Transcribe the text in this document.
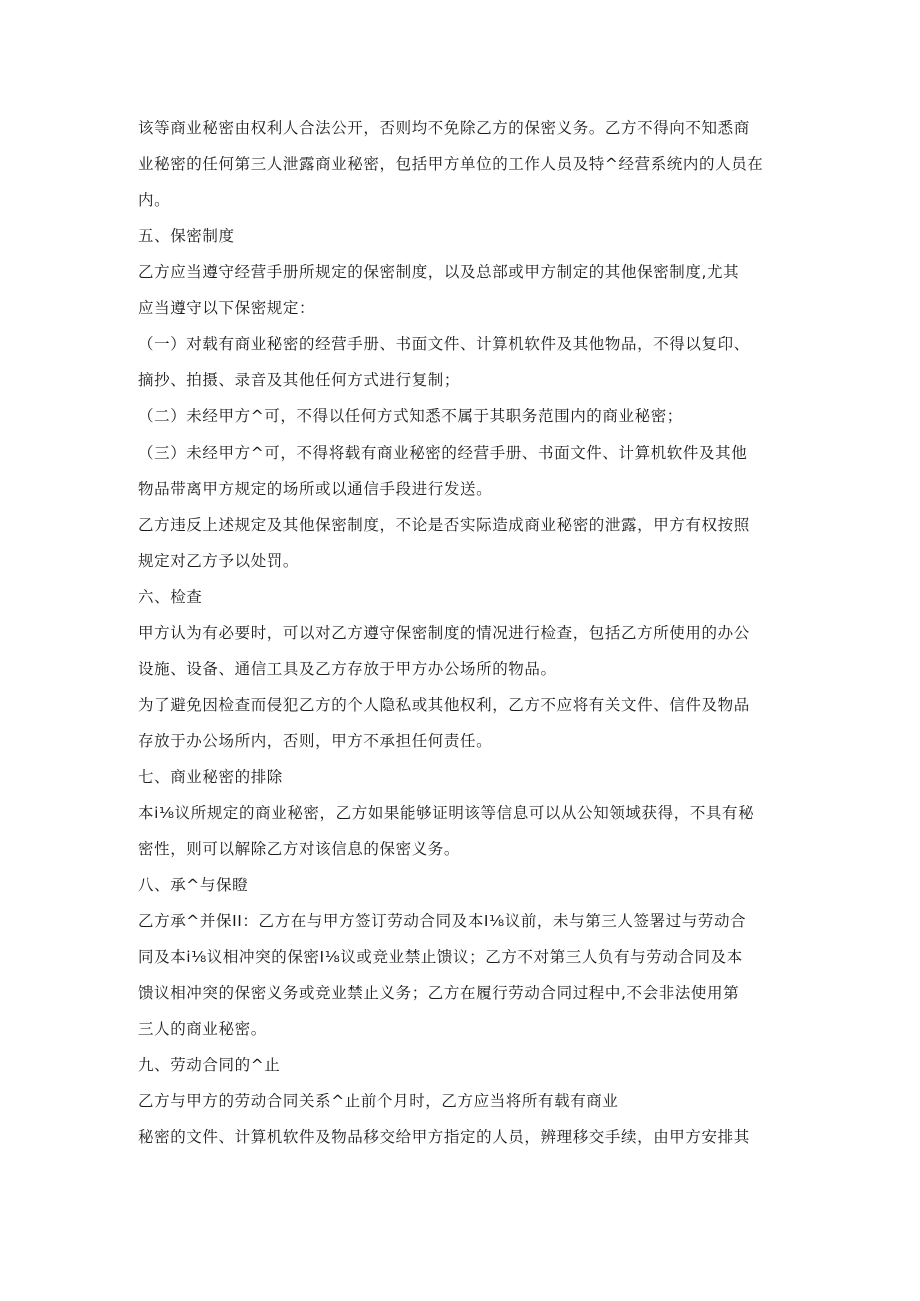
该等商业秘密由权利人合法公开，否则均不免除乙方的保密义务。乙方不得向不知悉商
业秘密的任何第三人泄露商业秘密，包括甲方单位的工作人员及特^经营系统内的人员在
内。
五、保密制度
乙方应当遵守经营手册所规定的保密制度，以及总部或甲方制定的其他保密制度,尤其
应当遵守以下保密规定：
（一）对载有商业秘密的经营手册、书面文件、计算机软件及其他物品，不得以复印、
摘抄、拍摄、录音及其他任何方式进行复制；
（二）未经甲方^可，不得以任何方式知悉不属于其职务范围内的商业秘密；
（三）未经甲方^可，不得将载有商业秘密的经营手册、书面文件、计算机软件及其他
物品带离甲方规定的场所或以通信手段进行发送。
乙方违反上述规定及其他保密制度，不论是否实际造成商业秘密的泄露，甲方有权按照
规定对乙方予以处罚。
六、检查
甲方认为有必要时，可以对乙方遵守保密制度的情况进行检查，包括乙方所使用的办公
设施、设备、通信工具及乙方存放于甲方办公场所的物品。
为了避免因检查而侵犯乙方的个人隐私或其他权利，乙方不应将有关文件、信件及物品
存放于办公场所内，否则，甲方不承担任何责任。
七、商业秘密的排除
本i⅛议所规定的商业秘密，乙方如果能够证明该等信息可以从公知领域获得，不具有秘
密性，则可以解除乙方对该信息的保密义务。
八、承^与保瞪
乙方承^并保II：乙方在与甲方签订劳动合同及本I⅛议前，未与第三人签署过与劳动合
同及本i⅛议相冲突的保密I⅛议或竞业禁止馈议；乙方不对第三人负有与劳动合同及本
馈议相冲突的保密义务或竞业禁止义务；乙方在履行劳动合同过程中,不会非法使用第
三人的商业秘密。
九、劳动合同的^止
乙方与甲方的劳动合同关系^止前个月时，乙方应当将所有载有商业
秘密的文件、计算机软件及物品移交给甲方指定的人员，辨理移交手续，由甲方安排其
